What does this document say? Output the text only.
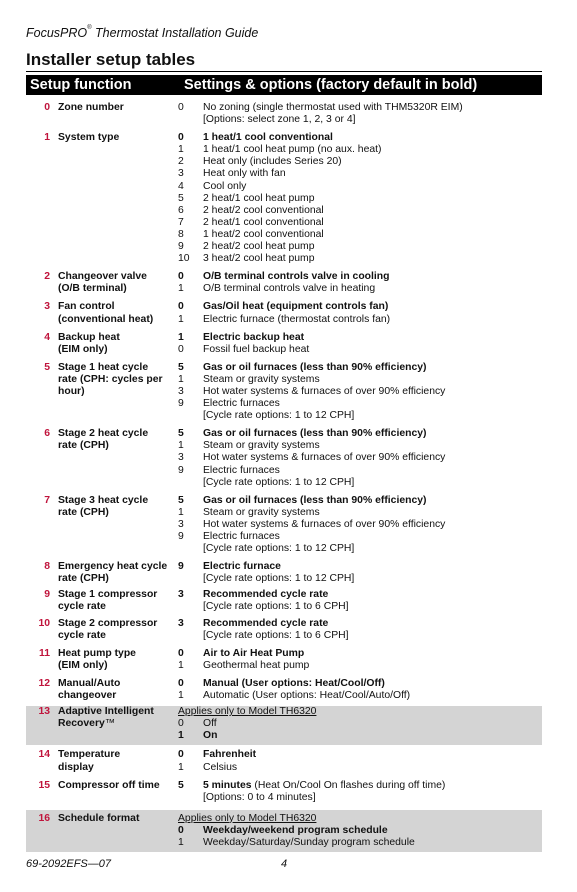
FocusPRO® Thermostat Installation Guide
Installer setup tables
Setup function	Settings & options (factory default in bold)
0 Zone number	0	No zoning (single thermostat used with THM5320R EIM)
[Options: select zone 1, 2, 3 or 4]
1 System type	0	1 heat/1 cool conventional
1	1 heat/1 cool heat pump (no aux. heat)
2	Heat only (includes Series 20)
3	Heat only with fan
4	Cool only
5	2 heat/1 cool heat pump
6	2 heat/2 cool conventional
7	2 heat/1 cool conventional
8	1 heat/2 cool conventional
9	2 heat/2 cool heat pump
10	3 heat/2 cool heat pump
2 Changeover valve
(O/B terminal)
0	O/B terminal controls valve in cooling
1	O/B terminal controls valve in heating
3 Fan control
(conventional heat)
0	Gas/Oil heat (equipment controls fan)
1	Electric furnace (thermostat controls fan)
4 Backup heat
(EIM only)
1	Electric backup heat
0	Fossil fuel backup heat
5 Stage 1 heat cycle
rate (CPH: cycles per
hour)
5	Gas or oil furnaces (less than 90% efficiency)
1	Steam or gravity systems
3	Hot water systems & furnaces of over 90% efficiency
9	Electric furnaces
[Cycle rate options: 1 to 12 CPH]
6 Stage 2 heat cycle
rate (CPH)
5	Gas or oil furnaces (less than 90% efficiency)
1	Steam or gravity systems
3	Hot water systems & furnaces of over 90% efficiency
9	Electric furnaces
[Cycle rate options: 1 to 12 CPH]
7 Stage 3 heat cycle
rate (CPH)
5	Gas or oil furnaces (less than 90% efficiency)
1	Steam or gravity systems
3	Hot water systems & furnaces of over 90% efficiency
9	Electric furnaces
[Cycle rate options: 1 to 12 CPH]
8 Emergency heat cycle
rate (CPH)
9	Electric furnace
[Cycle rate options: 1 to 12 CPH]
9 Stage 1 compressor
cycle rate
3	Recommended cycle rate
[Cycle rate options: 1 to 6 CPH]
10 Stage 2 compressor
cycle rate
3	Recommended cycle rate
[Cycle rate options: 1 to 6 CPH]
11 Heat pump type
(EIM only)
0	Air to Air Heat Pump
1	Geothermal heat pump
12 Manual/Auto
changeover
0	Manual (User options: Heat/Cool/Off)
1	Automatic (User options: Heat/Cool/Auto/Off)
13 Adaptive Intelligent
Recovery™
Applies only to Model TH6320
0	Off
1	On
14 Temperature
display
0	Fahrenheit
1	Celsius
15 Compressor off time	5	5 minutes (Heat On/Cool On flashes during off time)
[Options: 0 to 4 minutes]
16 Schedule format	Applies only to Model TH6320
0	Weekday/weekend program schedule
1	Weekday/Saturday/Sunday program schedule
69-2092EFS—07	4
